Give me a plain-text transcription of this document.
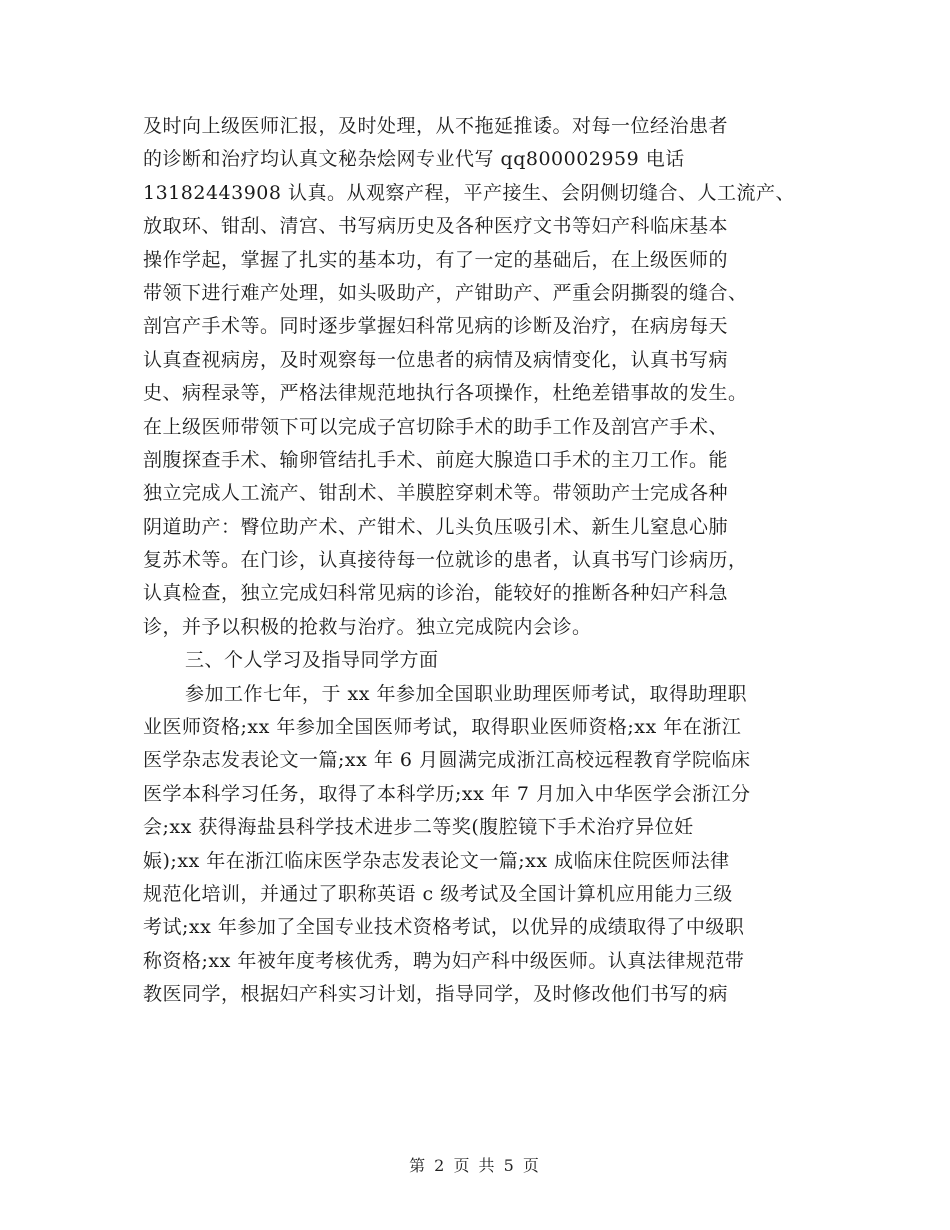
及时向上级医师汇报，及时处理，从不拖延推诿。对每一位经治患者
的诊断和治疗均认真文秘杂烩网专业代写 qq800002959 电话
13182443908 认真。从观察产程，平产接生、会阴侧切缝合、人工流产、
放取环、钳刮、清宫、书写病历史及各种医疗文书等妇产科临床基本
操作学起，掌握了扎实的基本功，有了一定的基础后，在上级医师的
带领下进行难产处理，如头吸助产，产钳助产、严重会阴撕裂的缝合、
剖宫产手术等。同时逐步掌握妇科常见病的诊断及治疗，在病房每天
认真查视病房，及时观察每一位患者的病情及病情变化，认真书写病
史、病程录等，严格法律规范地执行各项操作，杜绝差错事故的发生。
在上级医师带领下可以完成子宫切除手术的助手工作及剖宫产手术、
剖腹探查手术、输卵管结扎手术、前庭大腺造口手术的主刀工作。能
独立完成人工流产、钳刮术、羊膜腔穿刺术等。带领助产士完成各种
阴道助产：臀位助产术、产钳术、儿头负压吸引术、新生儿窒息心肺
复苏术等。在门诊，认真接待每一位就诊的患者，认真书写门诊病历，
认真检查，独立完成妇科常见病的诊治，能较好的推断各种妇产科急
诊，并予以积极的抢救与治疗。独立完成院内会诊。
三、个人学习及指导同学方面
参加工作七年，于 xx 年参加全国职业助理医师考试，取得助理职
业医师资格;xx 年参加全国医师考试，取得职业医师资格;xx 年在浙江
医学杂志发表论文一篇;xx 年 6 月圆满完成浙江高校远程教育学院临床
医学本科学习任务，取得了本科学历;xx 年 7 月加入中华医学会浙江分
会;xx 获得海盐县科学技术进步二等奖(腹腔镜下手术治疗异位妊
娠);xx 年在浙江临床医学杂志发表论文一篇;xx 成临床住院医师法律
规范化培训，并通过了职称英语 c 级考试及全国计算机应用能力三级
考试;xx 年参加了全国专业技术资格考试，以优异的成绩取得了中级职
称资格;xx 年被年度考核优秀，聘为妇产科中级医师。认真法律规范带
教医同学，根据妇产科实习计划，指导同学，及时修改他们书写的病
第 2 页 共 5 页
